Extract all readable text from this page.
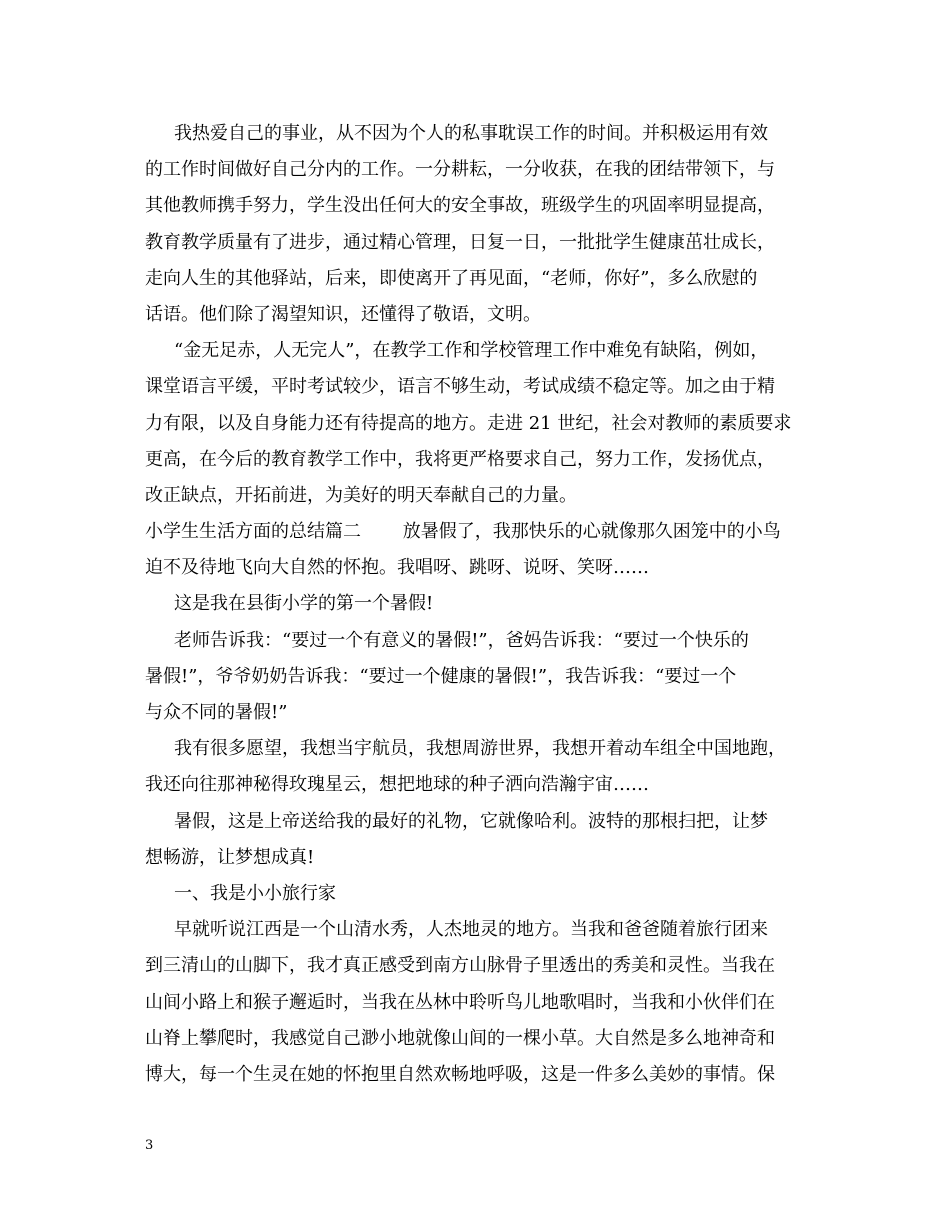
我热爱自己的事业，从不因为个人的私事耽误工作的时间。并积极运用有效
的工作时间做好自己分内的工作。一分耕耘，一分收获，在我的团结带领下，与
其他教师携手努力，学生没出任何大的安全事故，班级学生的巩固率明显提高，
教育教学质量有了进步，通过精心管理，日复一日，一批批学生健康茁壮成长，
走向人生的其他驿站，后来，即使离开了再见面，“老师，你好”，多么欣慰的
话语。他们除了渴望知识，还懂得了敬语，文明。
“金无足赤，人无完人”，在教学工作和学校管理工作中难免有缺陷，例如，
课堂语言平缓，平时考试较少，语言不够生动，考试成绩不稳定等。加之由于精
力有限，以及自身能力还有待提高的地方。走进 21 世纪，社会对教师的素质要求
更高，在今后的教育教学工作中，我将更严格要求自己，努力工作，发扬优点，
改正缺点，开拓前进，为美好的明天奉献自己的力量。
小学生生活方面的总结篇二 　　放暑假了，我那快乐的心就像那久困笼中的小鸟
迫不及待地飞向大自然的怀抱。我唱呀、跳呀、说呀、笑呀……
这是我在县街小学的第一个暑假!
老师告诉我：“要过一个有意义的暑假!”，爸妈告诉我：“要过一个快乐的
暑假!”，爷爷奶奶告诉我：“要过一个健康的暑假!”，我告诉我：“要过一个
与众不同的暑假!”
我有很多愿望，我想当宇航员，我想周游世界，我想开着动车组全中国地跑，
我还向往那神秘得玫瑰星云，想把地球的种子洒向浩瀚宇宙……
暑假，这是上帝送给我的最好的礼物，它就像哈利。波特的那根扫把，让梦
想畅游，让梦想成真!
一、我是小小旅行家
早就听说江西是一个山清水秀，人杰地灵的地方。当我和爸爸随着旅行团来
到三清山的山脚下，我才真正感受到南方山脉骨子里透出的秀美和灵性。当我在
山间小路上和猴子邂逅时，当我在丛林中聆听鸟儿地歌唱时，当我和小伙伴们在
山脊上攀爬时，我感觉自己渺小地就像山间的一棵小草。大自然是多么地神奇和
博大，每一个生灵在她的怀抱里自然欢畅地呼吸，这是一件多么美妙的事情。保
3
